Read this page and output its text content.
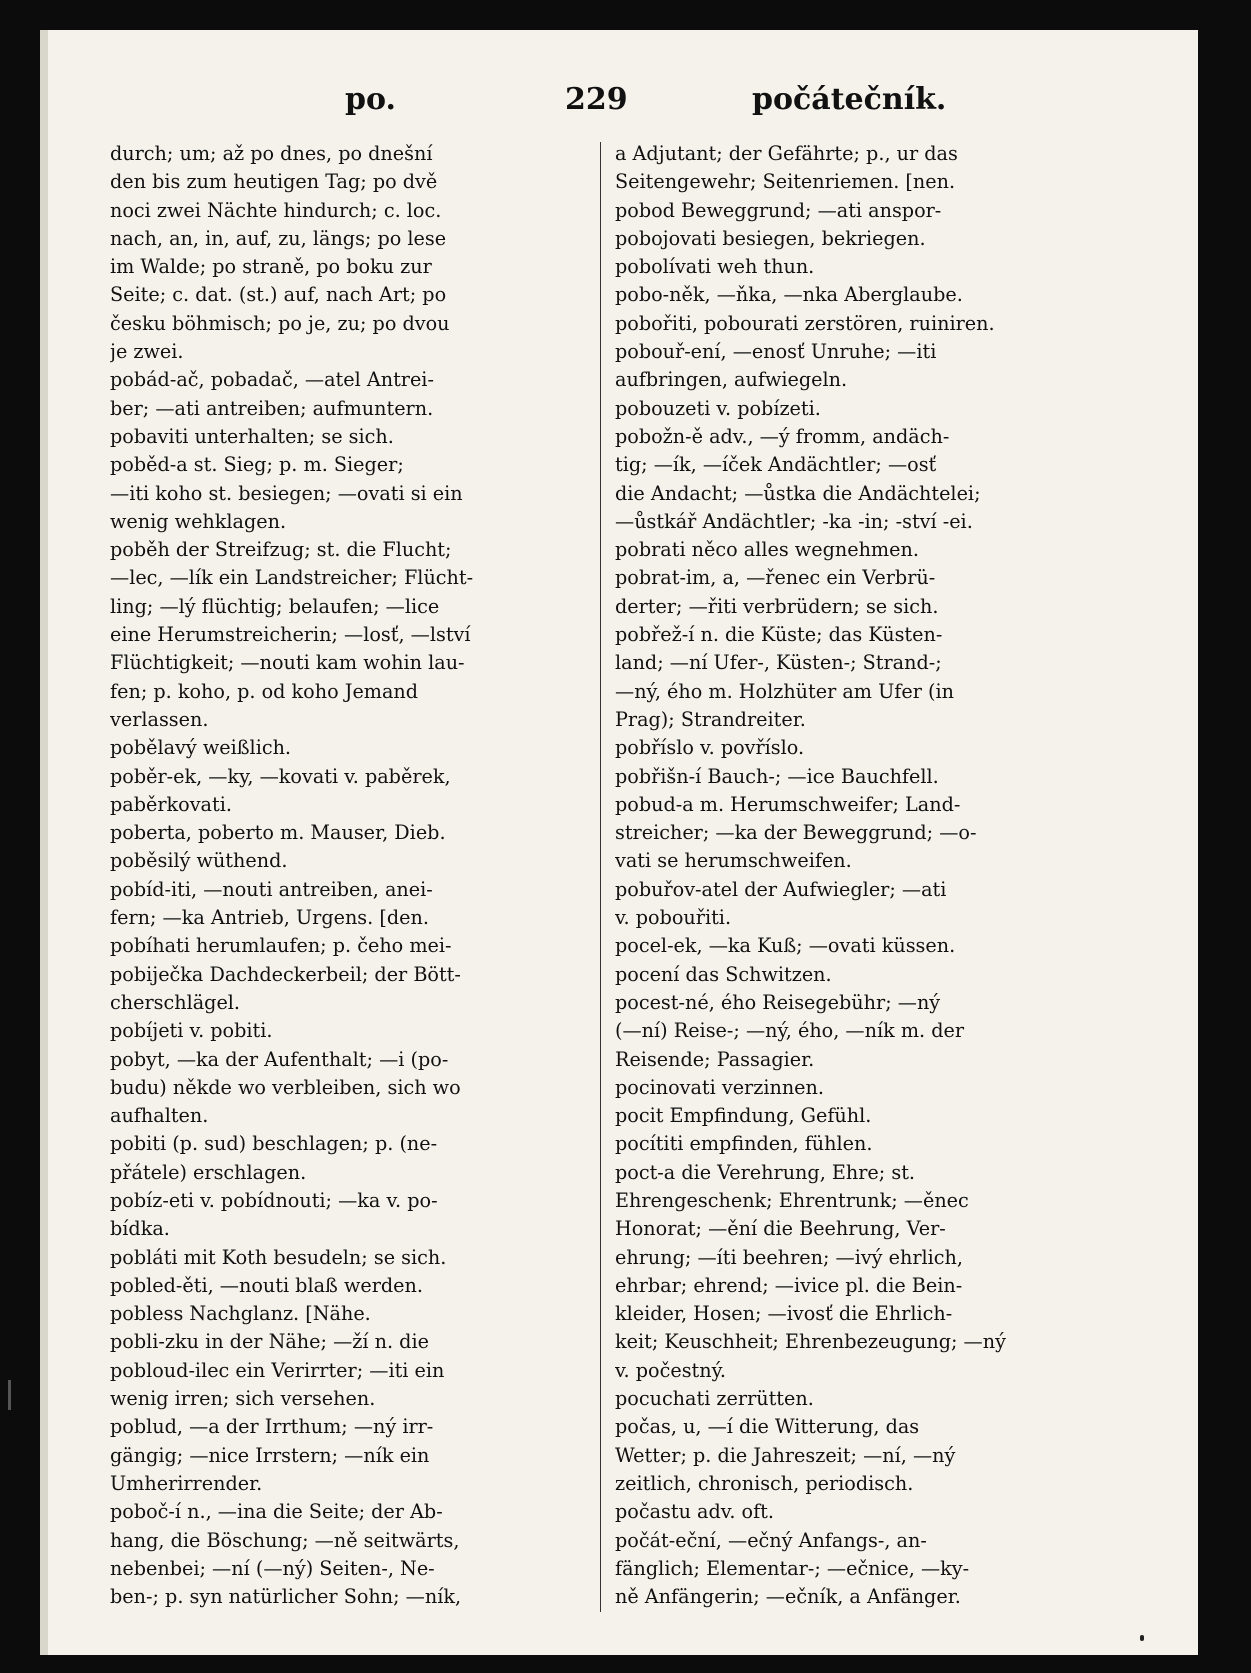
po.	229	počátečník.
durch; um; až po dnes, po dnešní
den bis zum heutigen Tag; po dvě
noci zwei Nächte hindurch; c. loc.
nach, an, in, auf, zu, längs; po lese
im Walde; po straně, po boku zur
Seite; c. dat. (st.) auf, nach Art; po
česku böhmisch; po je, zu; po dvou
je zwei.
pobád-ač, pobadač, —atel Antrei-
ber; —ati antreiben; aufmuntern.
pobaviti unterhalten; se sich.
poběd-a st. Sieg; p. m. Sieger;
—iti koho st. besiegen; —ovati si ein
wenig wehklagen.
poběh der Streifzug; st. die Flucht;
—lec, —lík ein Landstreicher; Flücht-
ling; —lý flüchtig; belaufen; —lice
eine Herumstreicherin; —losť, —lství
Flüchtigkeit; —nouti kam wohin lau-
fen; p. koho, p. od koho Jemand
verlassen.
pobělavý weißlich.
poběr-ek, —ky, —kovati v. paběrek,
paběrkovati.
poberta, poberto m. Mauser, Dieb.
poběsilý wüthend.
pobíd-iti, —nouti antreiben, anei-
fern; —ka Antrieb, Urgens. [den.
pobíhati herumlaufen; p. čeho mei-
pobiječka Dachdeckerbeil; der Bött-
cherschlägel.
pobíjeti v. pobiti.
pobyt, —ka der Aufenthalt; —i (po-
budu) někde wo verbleiben, sich wo
aufhalten.
pobiti (p. sud) beschlagen; p. (ne-
přátele) erschlagen.
pobíz-eti v. pobídnouti; —ka v. po-
bídka.
pobláti mit Koth besudeln; se sich.
pobled-ěti, —nouti blaß werden.
pobless Nachglanz. [Nähe.
pobli-zku in der Nähe; —ží n. die
pobloud-ilec ein Verirrter; —iti ein
wenig irren; sich versehen.
poblud, —a der Irrthum; —ný irr-
gängig; —nice Irrstern; —ník ein
Umherirrender.
poboč-í n., —ina die Seite; der Ab-
hang, die Böschung; —ně seitwärts,
nebenbei; —ní (—ný) Seiten-, Ne-
ben-; p. syn natürlicher Sohn; —ník,
a Adjutant; der Gefährte; p., ur das
Seitengewehr; Seitenriemen. [nen.
pobod Beweggrund; —ati anspor-
pobojovati besiegen, bekriegen.
pobolívati weh thun.
pobo-něk, —ňka, —nka Aberglaube.
pobořiti, pobourati zerstören, ruiniren.
pobouř-ení, —enosť Unruhe; —iti
aufbringen, aufwiegeln.
pobouzeti v. pobízeti.
pobožn-ě adv., —ý fromm, andäch-
tig; —ík, —íček Andächtler; —osť
die Andacht; —ůstka die Andächtelei;
—ůstkář Andächtler; -ka -in; -ství -ei.
pobrati něco alles wegnehmen.
pobrat-im, a, —řenec ein Verbrü-
derter; —řiti verbrüdern; se sich.
pobřež-í n. die Küste; das Küsten-
land; —ní Ufer-, Küsten-; Strand-;
—ný, ého m. Holzhüter am Ufer (in
Prag); Strandreiter.
pobříslo v. povříslo.
pobřišn-í Bauch-; —ice Bauchfell.
pobud-a m. Herumschweifer; Land-
streicher; —ka der Beweggrund; —o-
vati se herumschweifen.
pobuřov-atel der Aufwiegler; —ati
v. pobouřiti.
pocel-ek, —ka Kuß; —ovati küssen.
pocení das Schwitzen.
pocest-né, ého Reisegebühr; —ný
(—ní) Reise-; —ný, ého, —ník m. der
Reisende; Passagier.
pocinovati verzinnen.
pocit Empfindung, Gefühl.
pocítiti empfinden, fühlen.
poct-a die Verehrung, Ehre; st.
Ehrengeschenk; Ehrentrunk; —ěnec
Honorat; —ění die Beehrung, Ver-
ehrung; —íti beehren; —ivý ehrlich,
ehrbar; ehrend; —ivice pl. die Bein-
kleider, Hosen; —ivosť die Ehrlich-
keit; Keuschheit; Ehrenbezeugung; —ný
v. počestný.
pocuchati zerrütten.
počas, u, —í die Witterung, das
Wetter; p. die Jahreszeit; —ní, —ný
zeitlich, chronisch, periodisch.
počastu adv. oft.
počát-eční, —ečný Anfangs-, an-
fänglich; Elementar-; —ečnice, —ky-
ně Anfängerin; —ečník, a Anfänger.
